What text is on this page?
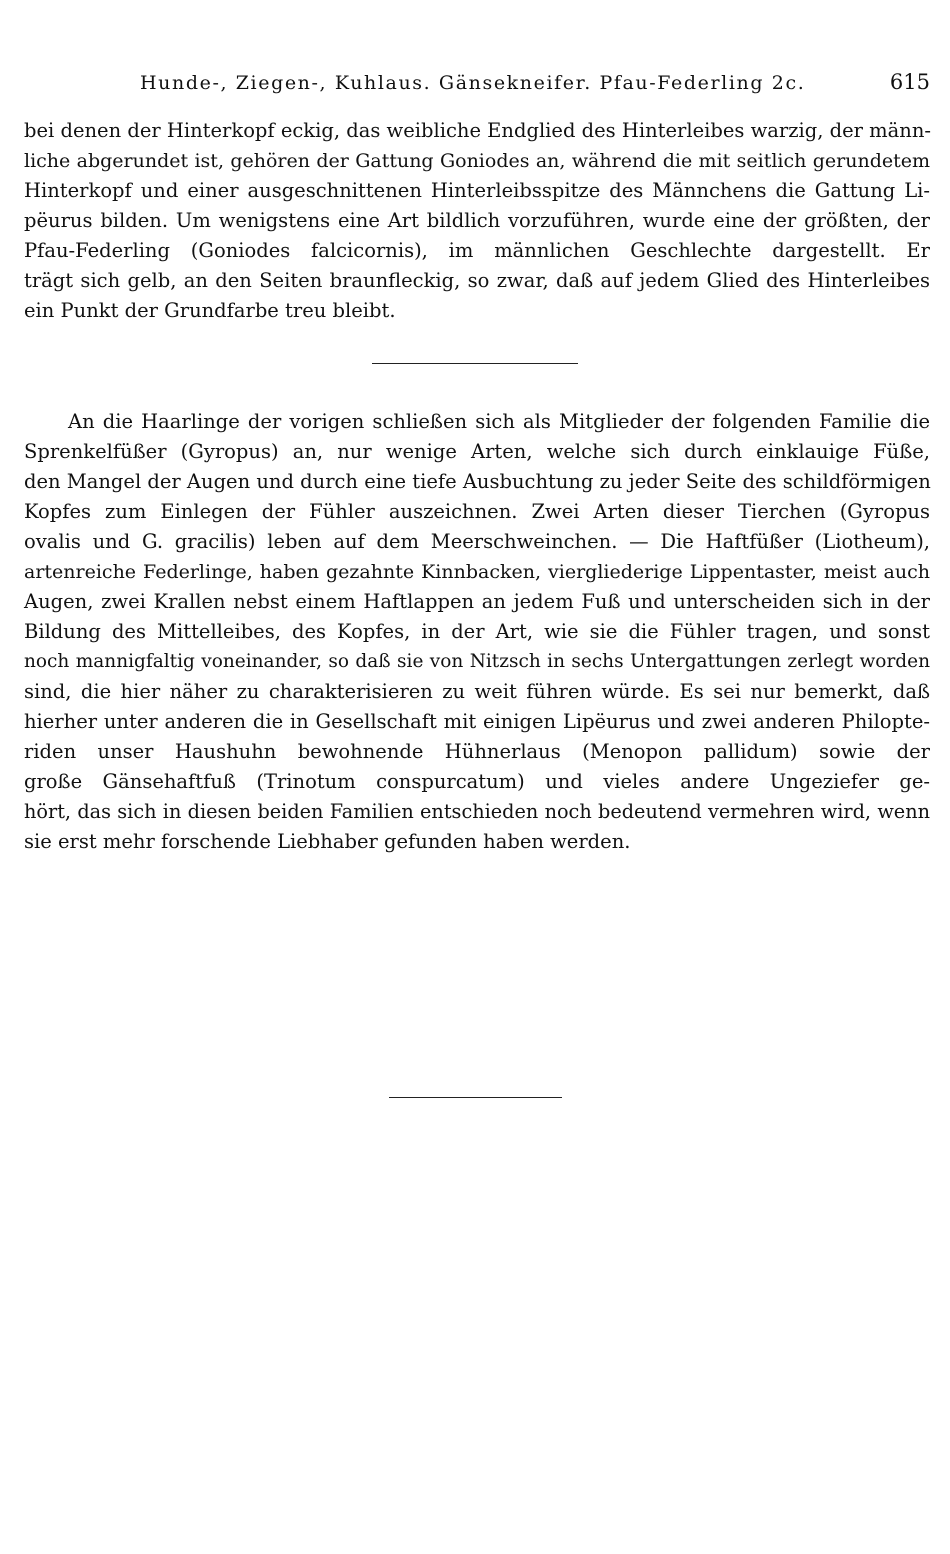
Hunde-, Ziegen-, Kuhlaus. Gänsekneifer. Pfau-Federling 2c.	615
bei denen der Hinterkopf eckig, das weibliche Endglied des Hinterleibes warzig, der männ-
liche abgerundet ist, gehören der Gattung Goniodes an, während die mit seitlich gerundetem
Hinterkopf und einer ausgeschnittenen Hinterleibsspitze des Männchens die Gattung Li-
pëurus bilden. Um wenigstens eine Art bildlich vorzuführen, wurde eine der größten, der
Pfau-Federling (Goniodes falcicornis), im männlichen Geschlechte dargestellt. Er
trägt sich gelb, an den Seiten braunfleckig, so zwar, daß auf jedem Glied des Hinterleibes
ein Punkt der Grundfarbe treu bleibt.
An die Haarlinge der vorigen schließen sich als Mitglieder der folgenden Familie die
Sprenkelfüßer (Gyropus) an, nur wenige Arten, welche sich durch einklauige Füße,
den Mangel der Augen und durch eine tiefe Ausbuchtung zu jeder Seite des schildförmigen
Kopfes zum Einlegen der Fühler auszeichnen. Zwei Arten dieser Tierchen (Gyropus
ovalis und G. gracilis) leben auf dem Meerschweinchen. — Die Haftfüßer (Liotheum),
artenreiche Federlinge, haben gezahnte Kinnbacken, viergliederige Lippentaster, meist auch
Augen, zwei Krallen nebst einem Haftlappen an jedem Fuß und unterscheiden sich in der
Bildung des Mittelleibes, des Kopfes, in der Art, wie sie die Fühler tragen, und sonst
noch mannigfaltig voneinander, so daß sie von Nitzsch in sechs Untergattungen zerlegt worden
sind, die hier näher zu charakterisieren zu weit führen würde. Es sei nur bemerkt, daß
hierher unter anderen die in Gesellschaft mit einigen Lipëurus und zwei anderen Philopte-
riden unser Haushuhn bewohnende Hühnerlaus (Menopon pallidum) sowie der
große Gänsehaftfuß (Trinotum conspurcatum) und vieles andere Ungeziefer ge-
hört, das sich in diesen beiden Familien entschieden noch bedeutend vermehren wird, wenn
sie erst mehr forschende Liebhaber gefunden haben werden.
